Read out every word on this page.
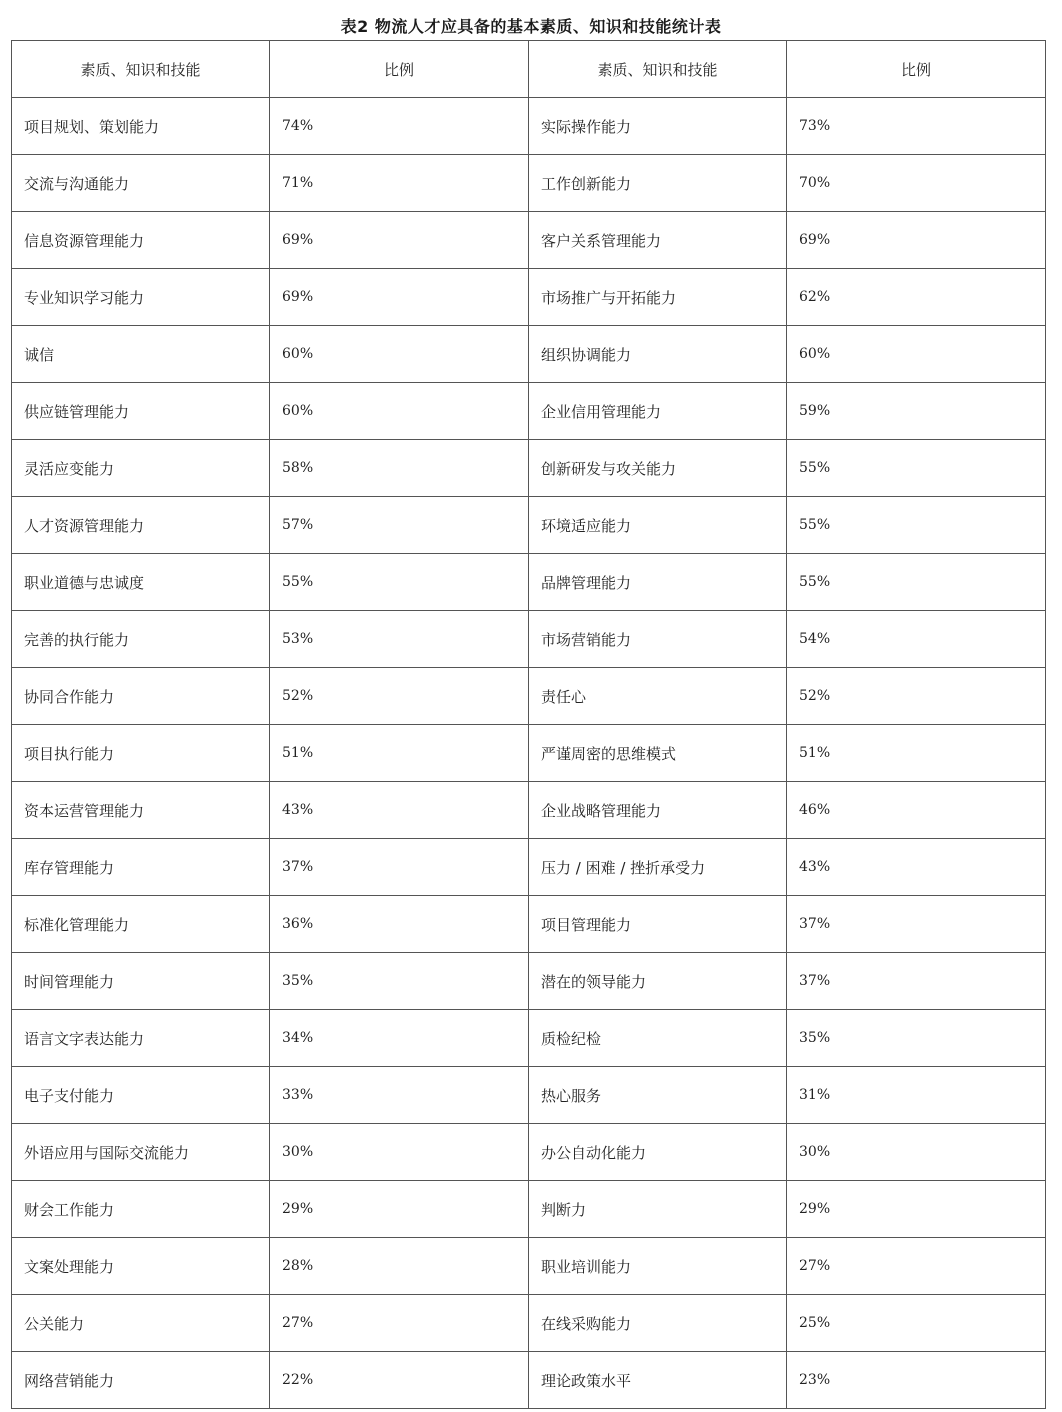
表2 物流人才应具备的基本素质、知识和技能统计表
素质、知识和技能	比例	素质、知识和技能	比例
项目规划、策划能力	74%	实际操作能力	73%
交流与沟通能力	71%	工作创新能力	70%
信息资源管理能力	69%	客户关系管理能力	69%
专业知识学习能力	69%	市场推广与开拓能力	62%
诚信	60%	组织协调能力	60%
供应链管理能力	60%	企业信用管理能力	59%
灵活应变能力	58%	创新研发与攻关能力	55%
人才资源管理能力	57%	环境适应能力	55%
职业道德与忠诚度	55%	品牌管理能力	55%
完善的执行能力	53%	市场营销能力	54%
协同合作能力	52%	责任心	52%
项目执行能力	51%	严谨周密的思维模式	51%
资本运营管理能力	43%	企业战略管理能力	46%
库存管理能力	37%	压力 / 困难 / 挫折承受力	43%
标准化管理能力	36%	项目管理能力	37%
时间管理能力	35%	潜在的领导能力	37%
语言文字表达能力	34%	质检纪检	35%
电子支付能力	33%	热心服务	31%
外语应用与国际交流能力	30%	办公自动化能力	30%
财会工作能力	29%	判断力	29%
文案处理能力	28%	职业培训能力	27%
公关能力	27%	在线采购能力	25%
网络营销能力	22%	理论政策水平	23%
